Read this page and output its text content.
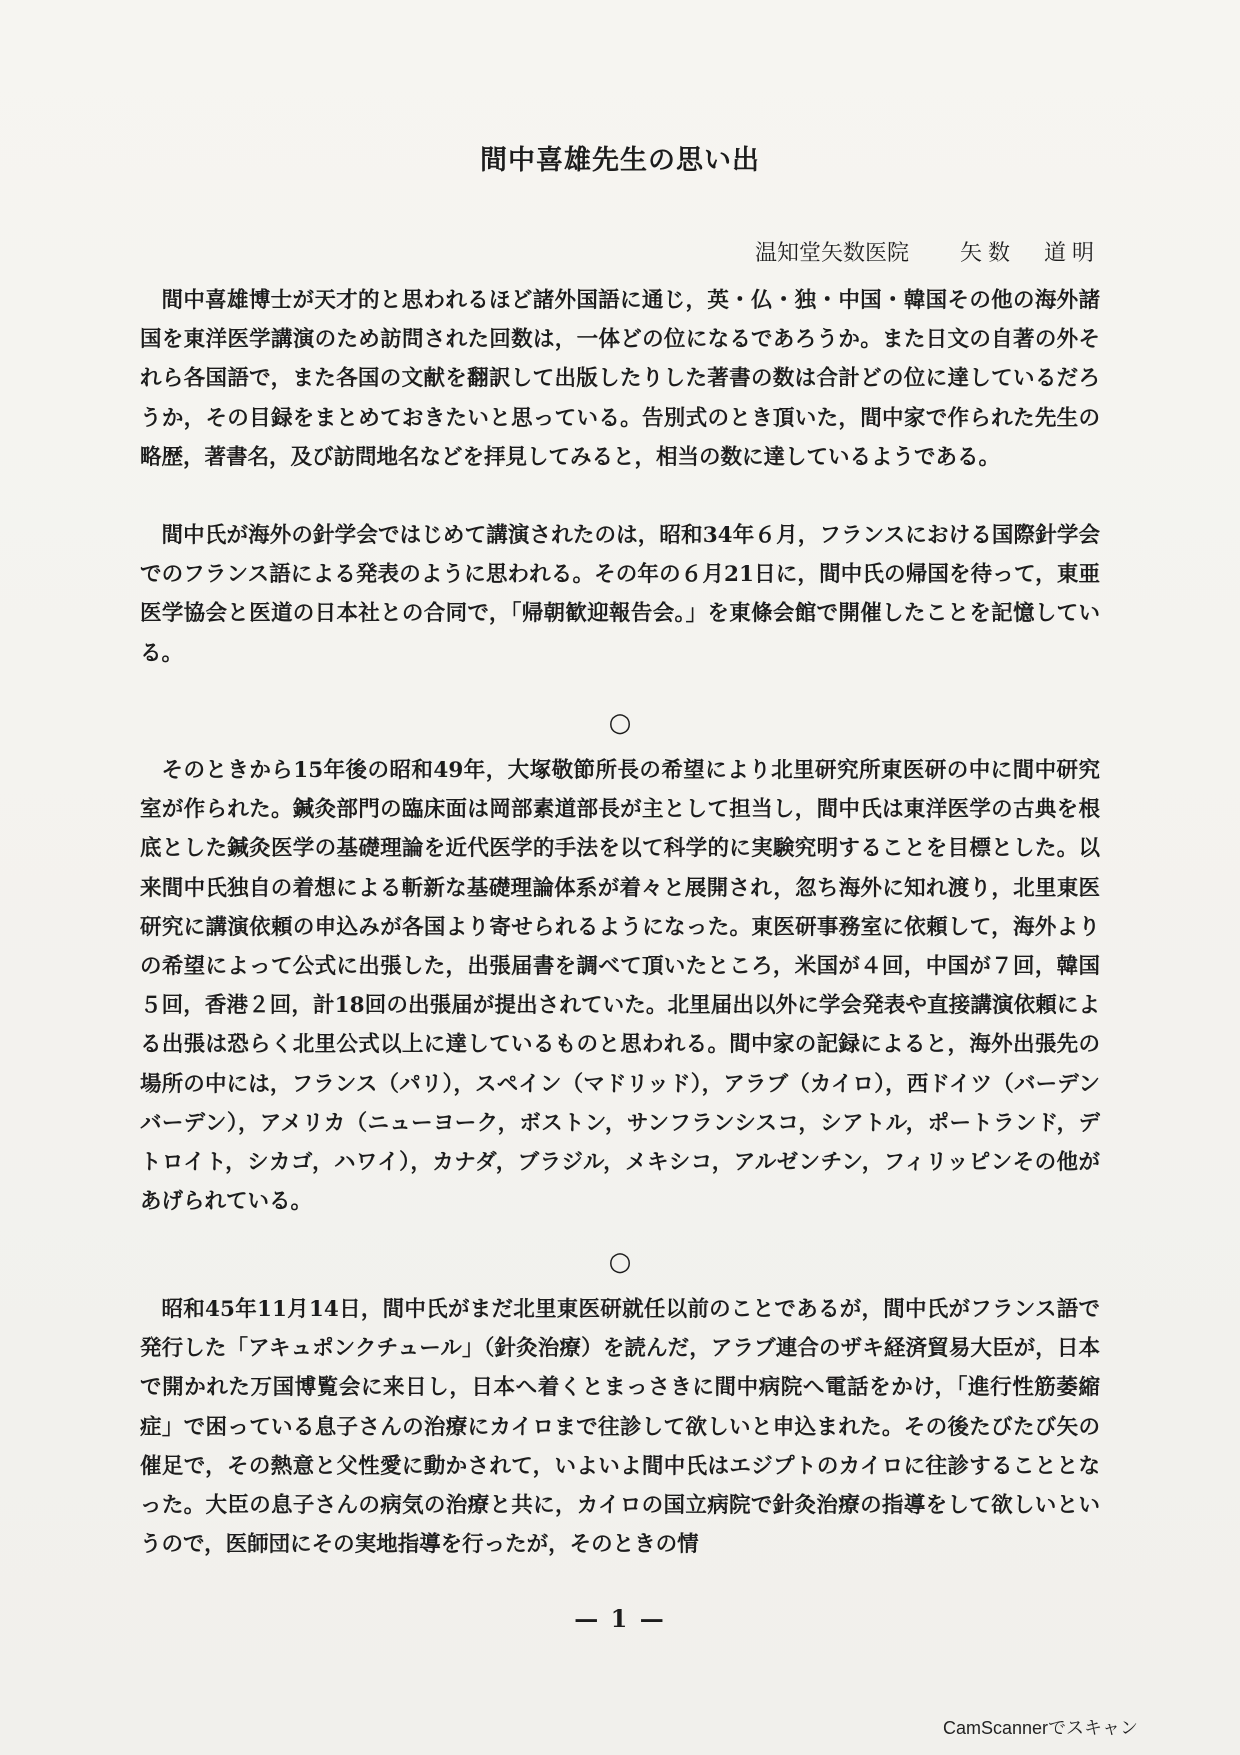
間中喜雄先生の思い出
温知堂矢数医院 矢数　道明

間中喜雄博士が天才的と思われるほど諸外国語に通じ，英・仏・独・中国・韓国その他の海外諸国を東洋医学講演のため訪問された回数は，一体どの位になるであろうか。また日文の自著の外それら各国語で，また各国の文献を翻訳して出版したりした著書の数は合計どの位に達しているだろうか，その目録をまとめておきたいと思っている。告別式のとき頂いた，間中家で作られた先生の略歴，著書名，及び訪問地名などを拝見してみると，相当の数に達しているようである。

間中氏が海外の針学会ではじめて講演されたのは，昭和34年６月，フランスにおける国際針学会でのフランス語による発表のように思われる。その年の６月21日に，間中氏の帰国を待って，東亜医学協会と医道の日本社との合同で，「帰朝歓迎報告会。」を東條会館で開催したことを記憶している。

○

そのときから15年後の昭和49年，大塚敬節所長の希望により北里研究所東医研の中に間中研究室が作られた。鍼灸部門の臨床面は岡部素道部長が主として担当し，間中氏は東洋医学の古典を根底とした鍼灸医学の基礎理論を近代医学的手法を以て科学的に実験究明することを目標とした。以来間中氏独自の着想による斬新な基礎理論体系が着々と展開され，忽ち海外に知れ渡り，北里東医研究に講演依頼の申込みが各国より寄せられるようになった。東医研事務室に依頼して，海外よりの希望によって公式に出張した，出張届書を調べて頂いたところ，米国が４回，中国が７回，韓国５回，香港２回，計18回の出張届が提出されていた。北里届出以外に学会発表や直接講演依頼による出張は恐らく北里公式以上に達しているものと思われる。間中家の記録によると，海外出張先の場所の中には，フランス（パリ），スペイン（マドリッド），アラブ（カイロ），西ドイツ（バーデンバーデン），アメリカ（ニューヨーク，ボストン，サンフランシスコ，シアトル，ポートランド，デトロイト，シカゴ，ハワイ），カナダ，ブラジル，メキシコ，アルゼンチン，フィリッピンその他があげられている。

○

昭和45年11月14日，間中氏がまだ北里東医研就任以前のことであるが，間中氏がフランス語で発行した「アキュポンクチュール」（針灸治療）を読んだ，アラブ連合のザキ経済貿易大臣が，日本で開かれた万国博覧会に来日し，日本へ着くとまっさきに間中病院へ電話をかけ，「進行性筋萎縮症」で困っている息子さんの治療にカイロまで往診して欲しいと申込まれた。その後たびたび矢の催足で，その熱意と父性愛に動かされて，いよいよ間中氏はエジプトのカイロに往診することとなった。大臣の息子さんの病気の治療と共に，カイロの国立病院で針灸治療の指導をして欲しいというので，医師団にその実地指導を行ったが，そのときの情

— 1 —
CamScannerでスキャン
